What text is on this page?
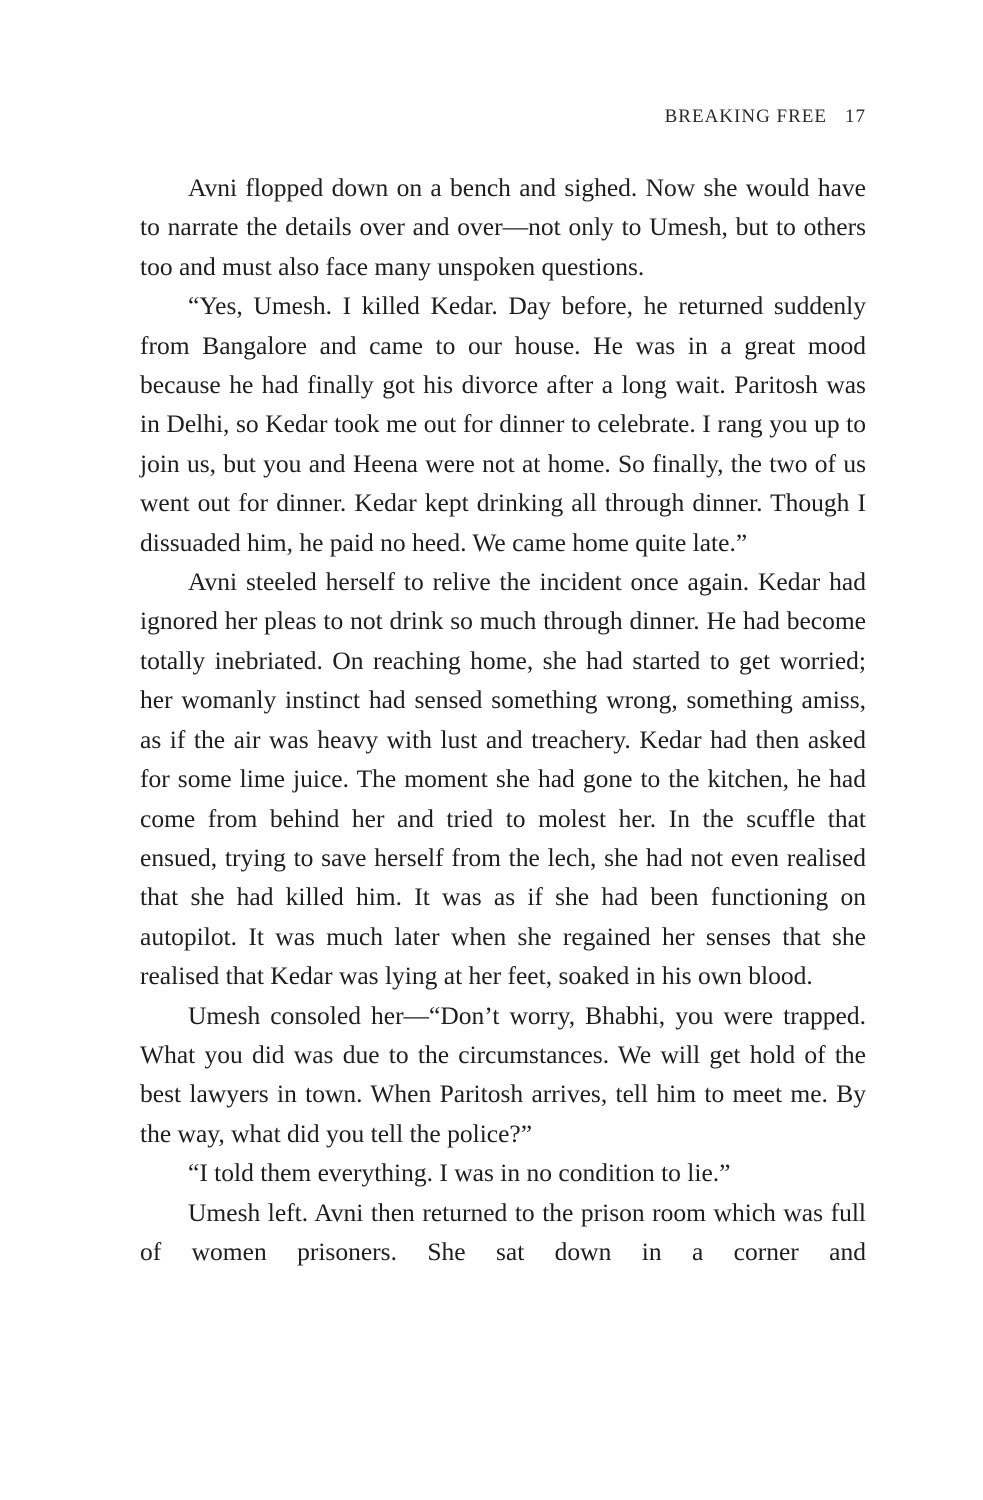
BREAKING FREE 17

Avni flopped down on a bench and sighed. Now she would have to narrate the details over and over—not only to Umesh, but to others too and must also face many unspoken questions.

“Yes, Umesh. I killed Kedar. Day before, he returned suddenly from Bangalore and came to our house. He was in a great mood because he had finally got his divorce after a long wait. Paritosh was in Delhi, so Kedar took me out for dinner to celebrate. I rang you up to join us, but you and Heena were not at home. So finally, the two of us went out for dinner. Kedar kept drinking all through dinner. Though I dissuaded him, he paid no heed. We came home quite late.”

Avni steeled herself to relive the incident once again. Kedar had ignored her pleas to not drink so much through dinner. He had become totally inebriated. On reaching home, she had started to get worried; her womanly instinct had sensed something wrong, something amiss, as if the air was heavy with lust and treachery. Kedar had then asked for some lime juice. The moment she had gone to the kitchen, he had come from behind her and tried to molest her. In the scuffle that ensued, trying to save herself from the lech, she had not even realised that she had killed him. It was as if she had been functioning on autopilot. It was much later when she regained her senses that she realised that Kedar was lying at her feet, soaked in his own blood.

Umesh consoled her—“Don’t worry, Bhabhi, you were trapped. What you did was due to the circumstances. We will get hold of the best lawyers in town. When Paritosh arrives, tell him to meet me. By the way, what did you tell the police?”

“I told them everything. I was in no condition to lie.”

Umesh left. Avni then returned to the prison room which was full of women prisoners. She sat down in a corner and
